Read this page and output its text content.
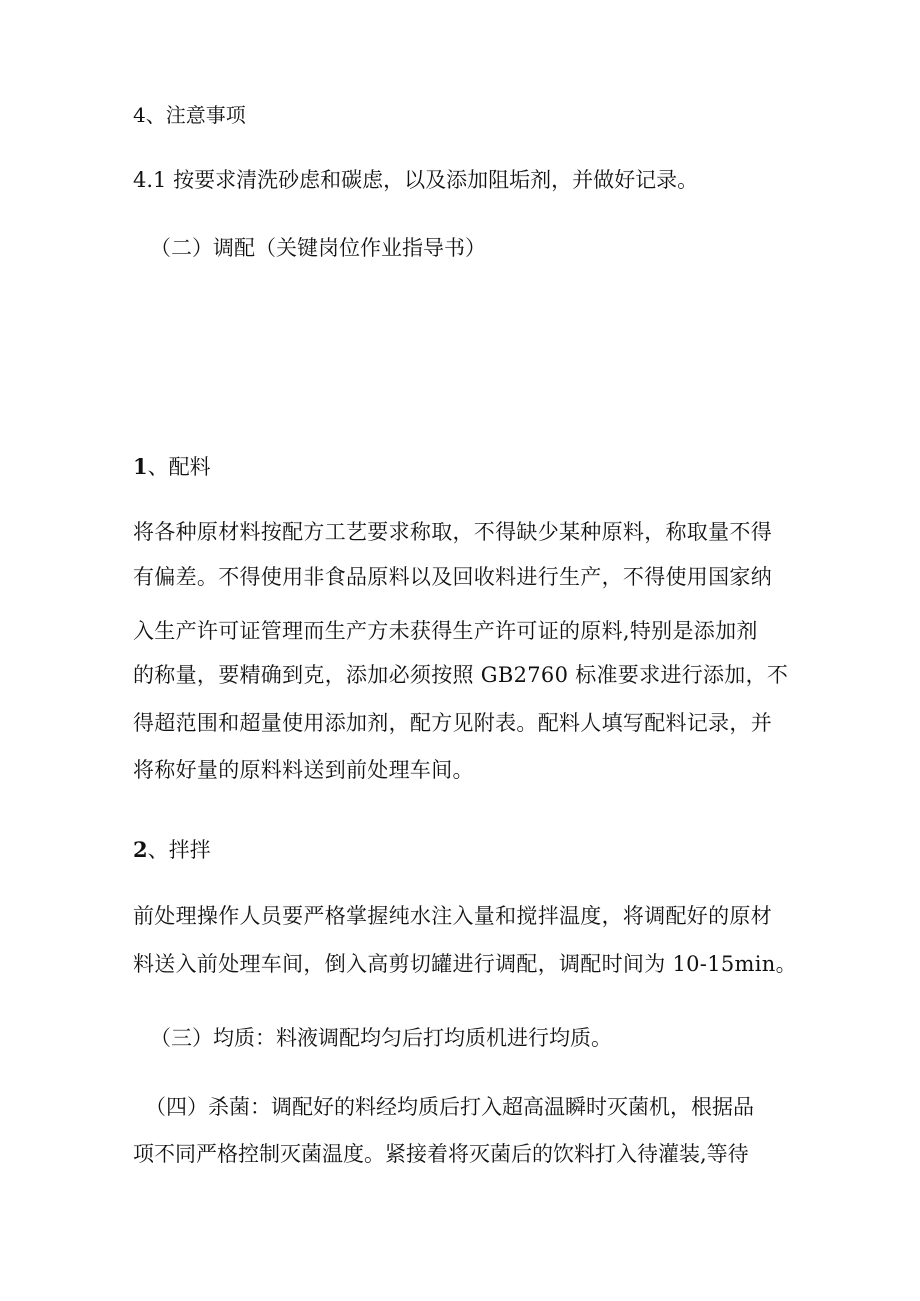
4、注意事项
4.1 按要求清洗砂虑和碳虑，以及添加阻垢剂，并做好记录。
（二）调配（关键岗位作业指导书）
1、配料
将各种原材料按配方工艺要求称取，不得缺少某种原料，称取量不得
有偏差。不得使用非食品原料以及回收料进行生产，不得使用国家纳
入生产许可证管理而生产方未获得生产许可证的原料,特别是添加剂
的称量，要精确到克，添加必须按照 GB2760 标准要求进行添加，不
得超范围和超量使用添加剂，配方见附表。配料人填写配料记录，并
将称好量的原料料送到前处理车间。
2、拌拌
前处理操作人员要严格掌握纯水注入量和搅拌温度，将调配好的原材
料送入前处理车间，倒入高剪切罐进行调配，调配时间为 10-15min。
（三）均质：料液调配均匀后打均质机进行均质。
（四）杀菌：调配好的料经均质后打入超高温瞬时灭菌机，根据品
项不同严格控制灭菌温度。紧接着将灭菌后的饮料打入待灌装,等待
